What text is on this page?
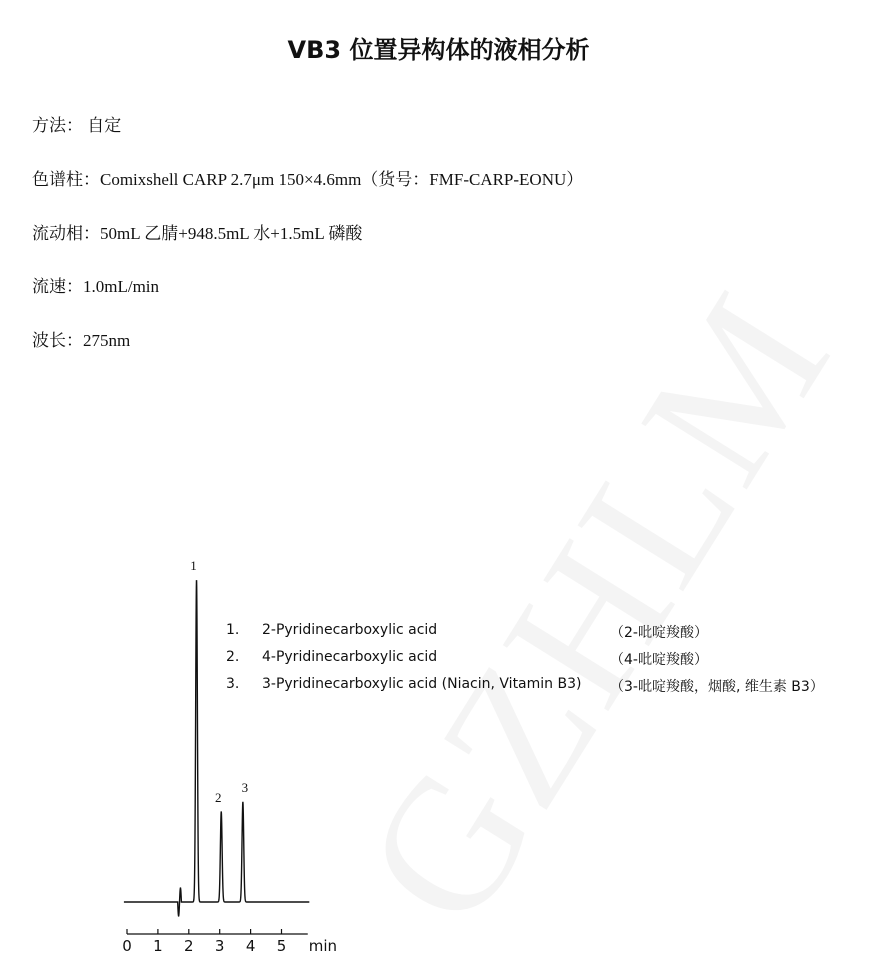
VB3 位置异构体的液相分析
方法： 自定
色谱柱：Comixshell CARP 2.7μm 150×4.6mm（货号：FMF-CARP-EONU）
流动相：50mL 乙腈+948.5mL 水+1.5mL 磷酸
流速：1.0mL/min
波长：275nm
1
2
3
0 1 2 3 4 5 min
1. 2-Pyridinecarboxylic acid	（2-吡啶羧酸）
2. 4-Pyridinecarboxylic acid	（4-吡啶羧酸）
3. 3-Pyridinecarboxylic acid (Niacin, Vitamin B3) （3-吡啶羧酸，烟酸, 维生素 B3）
